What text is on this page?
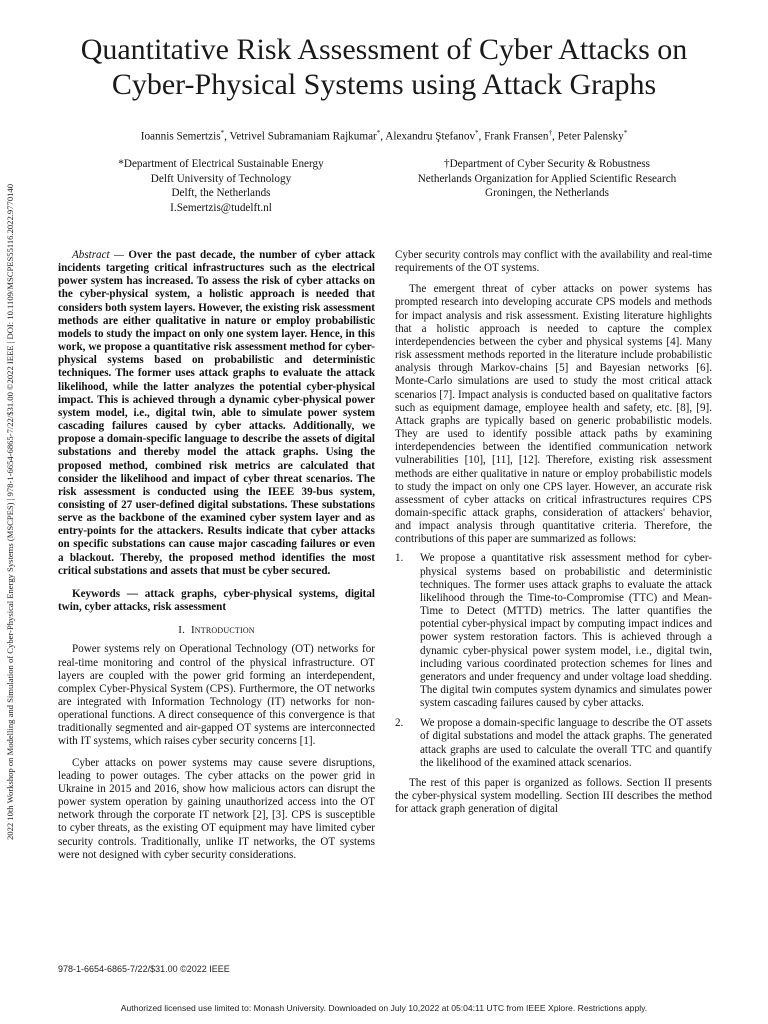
2022 10th Workshop on Modelling and Simulation of Cyber-Physical Energy Systems (MSCPES) | 978-1-6654-6865-7/22/$31.00 ©2022 IEEE | DOI: 10.1109/MSCPES55116.2022.9770140
Quantitative Risk Assessment of Cyber Attacks on
Cyber-Physical Systems using Attack Graphs
Ioannis Semertzis*, Vetrivel Subramaniam Rajkumar*, Alexandru Ştefanov*, Frank Fransen†, Peter Palensky*
*Department of Electrical Sustainable Energy
Delft University of Technology
Delft, the Netherlands
I.Semertzis@tudelft.nl
†Department of Cyber Security & Robustness
Netherlands Organization for Applied Scientific Research
Groningen, the Netherlands

Abstract — Over the past decade, the number of cyber attack incidents targeting critical infrastructures such as the electrical power system has increased. To assess the risk of cyber attacks on the cyber-physical system, a holistic approach is needed that considers both system layers. However, the existing risk assessment methods are either qualitative in nature or employ probabilistic models to study the impact on only one system layer. Hence, in this work, we propose a quantitative risk assessment method for cyber-physical systems based on probabilistic and deterministic techniques. The former uses attack graphs to evaluate the attack likelihood, while the latter analyzes the potential cyber-physical impact. This is achieved through a dynamic cyber-physical power system model, i.e., digital twin, able to simulate power system cascading failures caused by cyber attacks. Additionally, we propose a domain-specific language to describe the assets of digital substations and thereby model the attack graphs. Using the proposed method, combined risk metrics are calculated that consider the likelihood and impact of cyber threat scenarios. The risk assessment is conducted using the IEEE 39-bus system, consisting of 27 user-defined digital substations. These substations serve as the backbone of the examined cyber system layer and as entry-points for the attackers. Results indicate that cyber attacks on specific substations can cause major cascading failures or even a blackout. Thereby, the proposed method identifies the most critical substations and assets that must be cyber secured.

Keywords — attack graphs, cyber-physical systems, digital twin, cyber attacks, risk assessment

I. Introduction

Power systems rely on Operational Technology (OT) networks for real-time monitoring and control of the physical infrastructure. OT layers are coupled with the power grid forming an interdependent, complex Cyber-Physical System (CPS). Furthermore, the OT networks are integrated with Information Technology (IT) networks for non-operational functions. A direct consequence of this convergence is that traditionally segmented and air-gapped OT systems are interconnected with IT systems, which raises cyber security concerns [1].

Cyber attacks on power systems may cause severe disruptions, leading to power outages. The cyber attacks on the power grid in Ukraine in 2015 and 2016, show how malicious actors can disrupt the power system operation by gaining unauthorized access into the OT network through the corporate IT network [2], [3]. CPS is susceptible to cyber threats, as the existing OT equipment may have limited cyber security controls. Traditionally, unlike IT networks, the OT systems were not designed with cyber security considerations.

Cyber security controls may conflict with the availability and real-time requirements of the OT systems.

The emergent threat of cyber attacks on power systems has prompted research into developing accurate CPS models and methods for impact analysis and risk assessment. Existing literature highlights that a holistic approach is needed to capture the complex interdependencies between the cyber and physical systems [4]. Many risk assessment methods reported in the literature include probabilistic analysis through Markov-chains [5] and Bayesian networks [6]. Monte-Carlo simulations are used to study the most critical attack scenarios [7]. Impact analysis is conducted based on qualitative factors such as equipment damage, employee health and safety, etc. [8], [9]. Attack graphs are typically based on generic probabilistic models. They are used to identify possible attack paths by examining interdependencies between the identified communication network vulnerabilities [10], [11], [12]. Therefore, existing risk assessment methods are either qualitative in nature or employ probabilistic models to study the impact on only one CPS layer. However, an accurate risk assessment of cyber attacks on critical infrastructures requires CPS domain-specific attack graphs, consideration of attackers' behavior, and impact analysis through quantitative criteria. Therefore, the contributions of this paper are summarized as follows:

1. We propose a quantitative risk assessment method for cyber-physical systems based on probabilistic and deterministic techniques. The former uses attack graphs to evaluate the attack likelihood through the Time-to-Compromise (TTC) and Mean-Time to Detect (MTTD) metrics. The latter quantifies the potential cyber-physical impact by computing impact indices and power system restoration factors. This is achieved through a dynamic cyber-physical power system model, i.e., digital twin, including various coordinated protection schemes for lines and generators and under frequency and under voltage load shedding. The digital twin computes system dynamics and simulates power system cascading failures caused by cyber attacks.
2. We propose a domain-specific language to describe the OT assets of digital substations and model the attack graphs. The generated attack graphs are used to calculate the overall TTC and quantify the likelihood of the examined attack scenarios.

The rest of this paper is organized as follows. Section II presents the cyber-physical system modelling. Section III describes the method for attack graph generation of digital

978-1-6654-6865-7/22/$31.00 ©2022 IEEE
Authorized licensed use limited to: Monash University. Downloaded on July 10,2022 at 05:04:11 UTC from IEEE Xplore. Restrictions apply.
